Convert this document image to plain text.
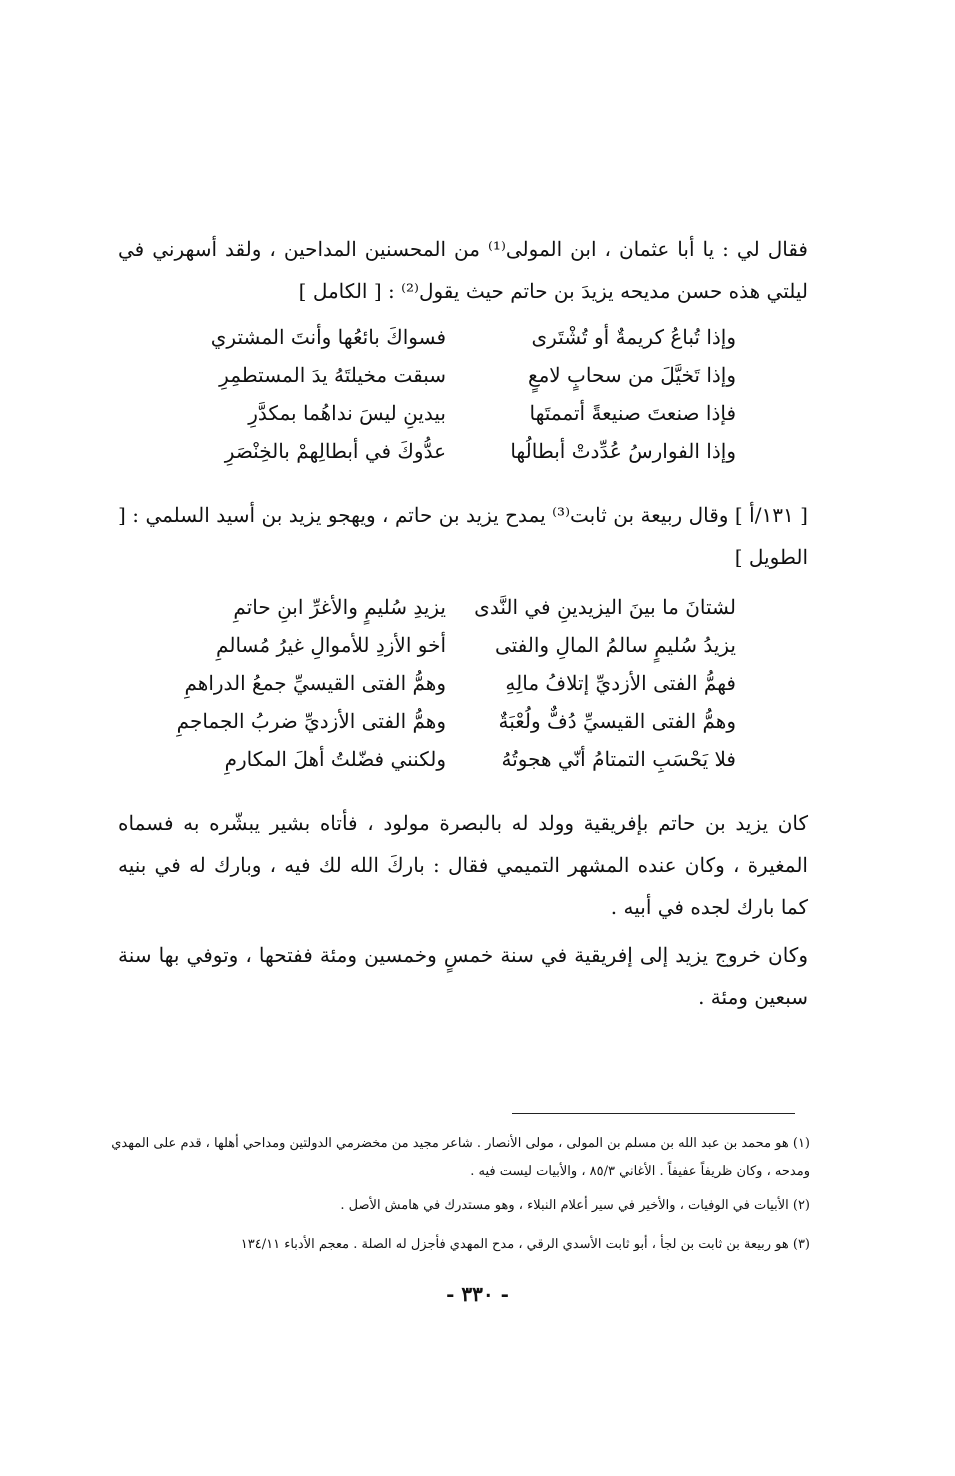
فقال لي : يا أبا عثمان ، ابن المولى⁽¹⁾ من المحسنين المداحين ، ولقد أسهرني في ليلتي هذه حسن مديحه يزيدَ بن حاتم حيث يقول⁽²⁾ : [ الكامل ]

وإذا تُباعُ كريمةٌ أو تُشْتَرى
فسواكَ بائعُها وأنتَ المشتري
وإذا تَخيَّلَ من سحابٍ لامعٍ
سبقت مخيلتَهُ يدَ المستطمِرِ
فإذا صنعتَ صنيعةً أتممتَها
بيدينِ ليسَ نداهُما بمكدَّرِ
وإذا الفوارسُ عُدِّدتْ أبطالُها
عدُّوكَ في أبطالِهمْ بالخِنْصَرِ

[ ١٣١/أ ] وقال ربيعة بن ثابت⁽³⁾ يمدح يزيد بن حاتم ، ويهجو يزيد بن أسيد السلمي : [ الطويل ]

لشتانَ ما بينَ اليزيدينِ في النَّدى
يزيدِ سُليمٍ والأغرِّ ابنِ حاتمِ
يزيدُ سُليمٍ سالمُ المالِ والفتى
أخو الأزدِ للأموالِ غيرُ مُسالمِ
فهمُّ الفتى الأزديِّ إتلافُ مالِهِ
وهمُّ الفتى القيسيِّ جمعُ الدراهمِ
وهمُّ الفتى القيسيِّ دُفٌّ ولُعْبَةٌ
وهمُّ الفتى الأزديِّ ضربُ الجماجمِ
فلا يَحْسَبِ التمتامُ أنّي هجوتُهُ
ولكنني فضّلتُ أهلَ المكارمِ

كان يزيد بن حاتم بإفريقية وولد له بالبصرة مولود ، فأتاه بشير يبشّره به فسماه المغيرة ، وكان عنده المشهر التميمي فقال : باركَ الله لك فيه ، وبارك له في بنيه كما بارك لجده في أبيه .

وكان خروج يزيد إلى إفريقية في سنة خمسٍ وخمسين ومئة ففتحها ، وتوفي بها سنة سبعين ومئة .

(١) هو محمد بن عبد الله بن مسلم بن المولى ، مولى الأنصار . شاعر مجيد من مخضرمي الدولتين ومداحي أهلها ، قدم على المهدي ومدحه ، وكان ظريفاً عفيفاً . الأغاني ٨٥/٣ ، والأبيات ليست فيه .

(٢) الأبيات في الوفيات ، والأخير في سير أعلام النبلاء ، وهو مستدرك في هامش الأصل .

(٣) هو ربيعة بن ثابت بن لجأ ، أبو ثابت الأسدي الرقي ، مدح المهدي فأجزل له الصلة . معجم الأدباء ١٣٤/١١

- ٣٣٠ -
